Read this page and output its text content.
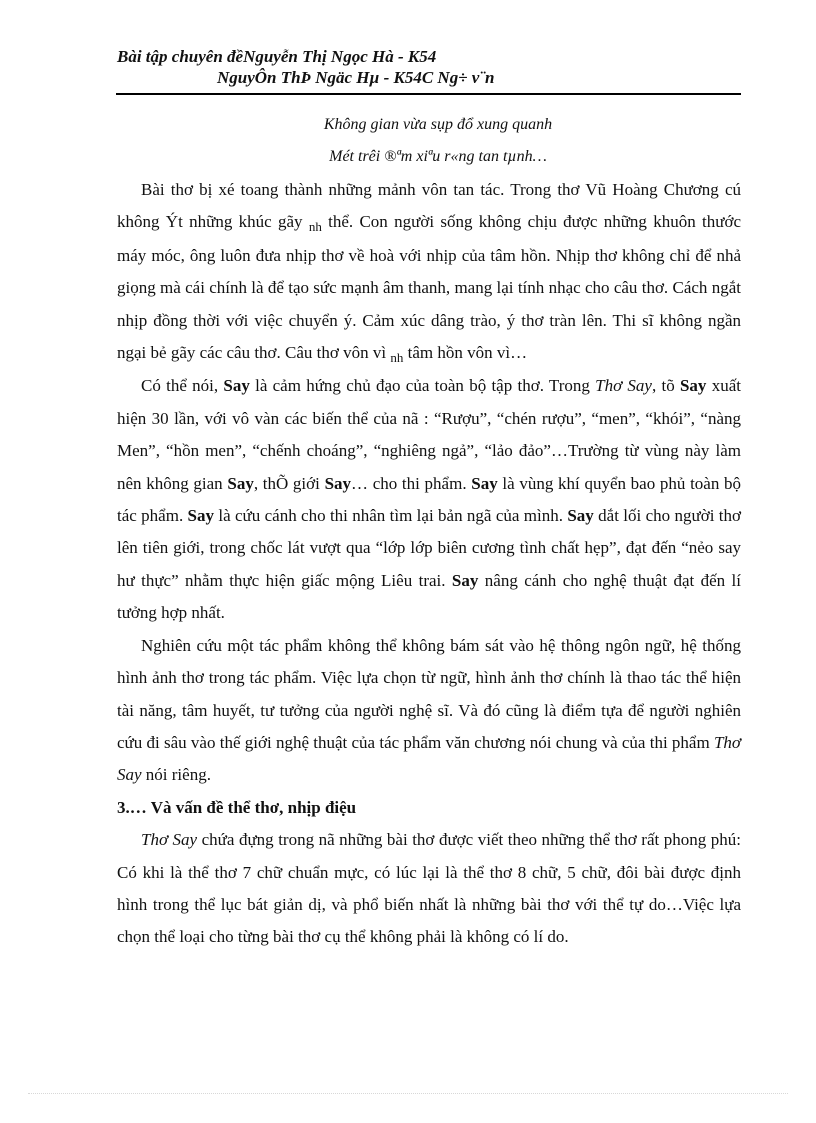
Bài tập chuyên đềNguyễn Thị Ngọc Hà - K54
NguyÔn ThÞ Ngäc Hµ - K54C Ng÷ v¨n
Không gian vừa sụp đổ xung quanh
Mét trêi ®ªm xiªu r«ng tan tµnh…

Bài thơ bị xé toang thành những mảnh vôn tan tác. Trong thơ Vũ Hoàng Chương cú không Ýt những khúc gãy $_{nh}$ thể. Con người sống không chịu được những khuôn thước máy móc, ông luôn đưa nhịp thơ về hoà với nhịp của tâm hồn. Nhịp thơ không chỉ để nhả giọng mà cái chính là để tạo sức mạnh âm thanh, mang lại tính nhạc cho câu thơ. Cách ngắt nhịp đồng thời với việc chuyển ý. Cảm xúc dâng trào, ý thơ tràn lên. Thi sĩ không ngần ngại bẻ gãy các câu thơ. Câu thơ vôn vì $_{nh}$ tâm hồn vôn vì…

Có thể nói, Say là cảm hứng chủ đạo của toàn bộ tập thơ. Trong Thơ Say, tõ Say xuất hiện 30 lần, với vô vàn các biến thể của nã : “Rượu”, “chén rượu”, “men”, “khói”, “nàng Men”, “hồn men”, “chếnh choáng”, “nghiêng ngả”, “lảo đảo”…Trường từ vùng này làm nên không gian Say, thÕ giới Say… cho thi phẩm. Say là vùng khí quyển bao phủ toàn bộ tác phẩm. Say là cứu cánh cho thi nhân tìm lại bản ngã của mình. Say dắt lối cho người thơ lên tiên giới, trong chốc lát vượt qua “lớp lớp biên cương tình chất hẹp”, đạt đến “nẻo say hư thực” nhằm thực hiện giấc mộng Liêu trai. Say nâng cánh cho nghệ thuật đạt đến lí tưởng hợp nhất.

Nghiên cứu một tác phẩm không thể không bám sát vào hệ thông ngôn ngữ, hệ thống hình ảnh thơ trong tác phẩm. Việc lựa chọn từ ngữ, hình ảnh thơ chính là thao tác thể hiện tài năng, tâm huyết, tư tưởng của người nghệ sĩ. Và đó cũng là điểm tựa để người nghiên cứu đi sâu vào thế giới nghệ thuật của tác phẩm văn chương nói chung và của thi phẩm Thơ Say nói riêng.

3.… Và vấn đề thể thơ, nhịp điệu

Thơ Say chứa đựng trong nã những bài thơ được viết theo những thể thơ rất phong phú: Có khi là thể thơ 7 chữ chuẩn mực, có lúc lại là thể thơ 8 chữ, 5 chữ, đôi bài được định hình trong thể lục bát giản dị, và phổ biến nhất là những bài thơ với thể tự do…Việc lựa chọn thể loại cho từng bài thơ cụ thể không phải là không có lí do.
